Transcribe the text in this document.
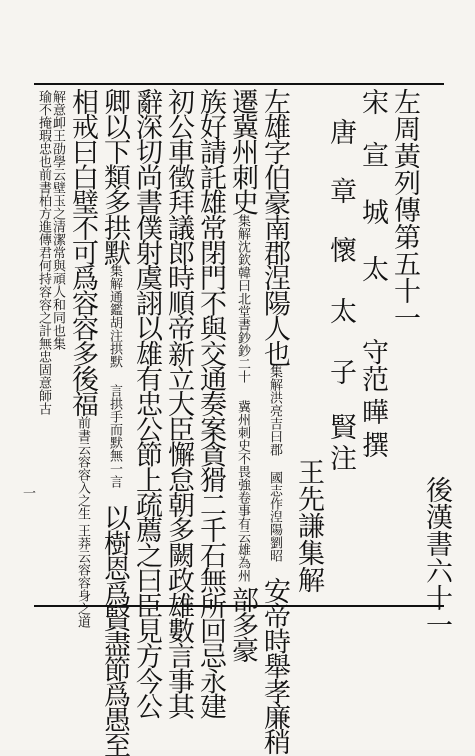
後漢書六十一
左周黃列傳第五十一
宋宣城太守范曄撰
唐章懷太子賢注
王先謙集解
左雄字伯豪南郡涅陽人也集解洪亮吉曰郡國志作湼陽劉昭安帝時舉孝廉稍
遷冀州刺史集解沈欽韓曰北堂書鈔鈔二十冀州刺史不畏強卷事有云雄為州部多豪
族好請託雄常閉門不與交通奏案貪猾二千石無所回忌永建
初公車徵拜議郎時順帝新立大臣懈怠朝多闕政雄數言事其
辭深切尚書僕射虞詡以雄有忠公節上疏薦之曰臣見方今公
卿以下類多拱默集解通鑑胡注拱默言拱手而默無一言以樹恩爲賢盡節爲愚至
相戒曰白璧不可爲容容多後福前書云容容入之生王莽云容容身之道
解意卹王劭學云壁玉之清潔常與頑人和同也集
瑜不掩瑕忠也前書柏方進傳君何持容容之計無忠固意師古
一
